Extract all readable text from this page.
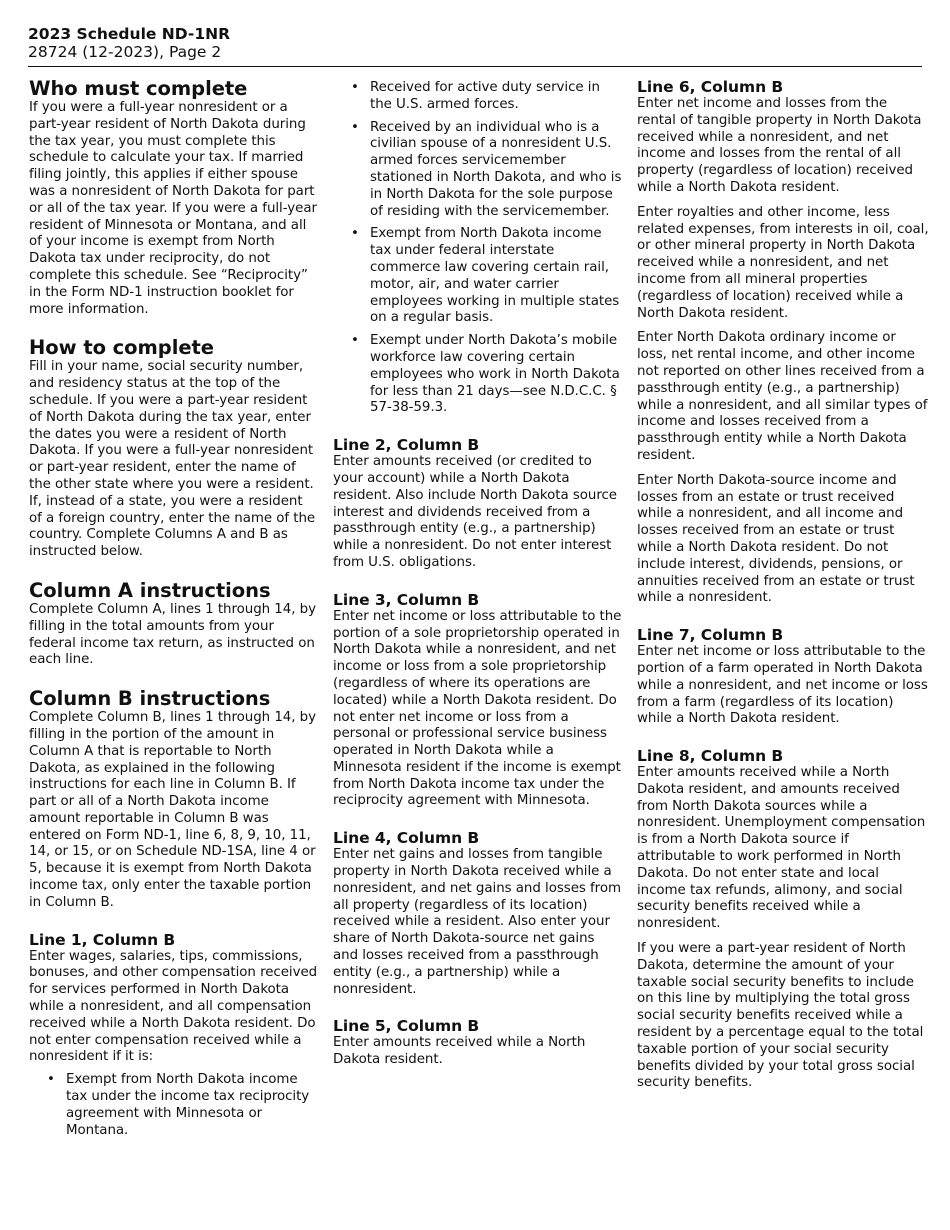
2023 Schedule ND-1NR
28724 (12-2023), Page 2
Who must complete

If you were a full-year nonresident or a part-year resident of North Dakota during the tax year, you must complete this schedule to calculate your tax. If married filing jointly, this applies if either spouse was a nonresident of North Dakota for part or all of the tax year. If you were a full-year resident of Minnesota or Montana, and all of your income is exempt from North Dakota tax under reciprocity, do not complete this schedule. See “Reciprocity” in the Form ND-1 instruction booklet for more information.

How to complete

Fill in your name, social security number, and residency status at the top of the schedule. If you were a part-year resident of North Dakota during the tax year, enter the dates you were a resident of North Dakota. If you were a full-year nonresident or part-year resident, enter the name of the other state where you were a resident. If, instead of a state, you were a resident of a foreign country, enter the name of the country. Complete Columns A and B as instructed below.

Column A instructions

Complete Column A, lines 1 through 14, by filling in the total amounts from your federal income tax return, as instructed on each line.

Column B instructions

Complete Column B, lines 1 through 14, by filling in the portion of the amount in Column A that is reportable to North Dakota, as explained in the following instructions for each line in Column B. If part or all of a North Dakota income amount reportable in Column B was entered on Form ND-1, line 6, 8, 9, 10, 11, 14, or 15, or on Schedule ND-1SA, line 4 or 5, because it is exempt from North Dakota income tax, only enter the taxable portion in Column B.

Line 1, Column B

Enter wages, salaries, tips, commissions, bonuses, and other compensation received for services performed in North Dakota while a nonresident, and all compensation received while a North Dakota resident. Do not enter compensation received while a nonresident if it is:

• Exempt from North Dakota income tax under the income tax reciprocity agreement with Minnesota or Montana.
• Received for active duty service in the U.S. armed forces.
• Received by an individual who is a civilian spouse of a nonresident U.S. armed forces servicemember stationed in North Dakota, and who is in North Dakota for the sole purpose of residing with the servicemember.
• Exempt from North Dakota income tax under federal interstate commerce law covering certain rail, motor, air, and water carrier employees working in multiple states on a regular basis.
• Exempt under North Dakota’s mobile workforce law covering certain employees who work in North Dakota for less than 21 days—see N.D.C.C. § 57-38-59.3.
Line 2, Column B

Enter amounts received (or credited to your account) while a North Dakota resident. Also include North Dakota source interest and dividends received from a passthrough entity (e.g., a partnership) while a nonresident. Do not enter interest from U.S. obligations.

Line 3, Column B

Enter net income or loss attributable to the portion of a sole proprietorship operated in North Dakota while a nonresident, and net income or loss from a sole proprietorship (regardless of where its operations are located) while a North Dakota resident. Do not enter net income or loss from a personal or professional service business operated in North Dakota while a Minnesota resident if the income is exempt from North Dakota income tax under the reciprocity agreement with Minnesota.

Line 4, Column B

Enter net gains and losses from tangible property in North Dakota received while a nonresident, and net gains and losses from all property (regardless of its location) received while a resident. Also enter your share of North Dakota-source net gains and losses received from a passthrough entity (e.g., a partnership) while a nonresident.

Line 5, Column B

Enter amounts received while a North Dakota resident.

Line 6, Column B

Enter net income and losses from the rental of tangible property in North Dakota received while a nonresident, and net income and losses from the rental of all property (regardless of location) received while a North Dakota resident.

Enter royalties and other income, less related expenses, from interests in oil, coal, or other mineral property in North Dakota received while a nonresident, and net income from all mineral properties (regardless of location) received while a North Dakota resident.

Enter North Dakota ordinary income or loss, net rental income, and other income not reported on other lines received from a passthrough entity (e.g., a partnership) while a nonresident, and all similar types of income and losses received from a passthrough entity while a North Dakota resident.

Enter North Dakota-source income and losses from an estate or trust received while a nonresident, and all income and losses received from an estate or trust while a North Dakota resident. Do not include interest, dividends, pensions, or annuities received from an estate or trust while a nonresident.

Line 7, Column B

Enter net income or loss attributable to the portion of a farm operated in North Dakota while a nonresident, and net income or loss from a farm (regardless of its location) while a North Dakota resident.

Line 8, Column B

Enter amounts received while a North Dakota resident, and amounts received from North Dakota sources while a nonresident. Unemployment compensation is from a North Dakota source if attributable to work performed in North Dakota. Do not enter state and local income tax refunds, alimony, and social security benefits received while a nonresident.

If you were a part-year resident of North Dakota, determine the amount of your taxable social security benefits to include on this line by multiplying the total gross social security benefits received while a resident by a percentage equal to the total taxable portion of your social security benefits divided by your total gross social security benefits.
